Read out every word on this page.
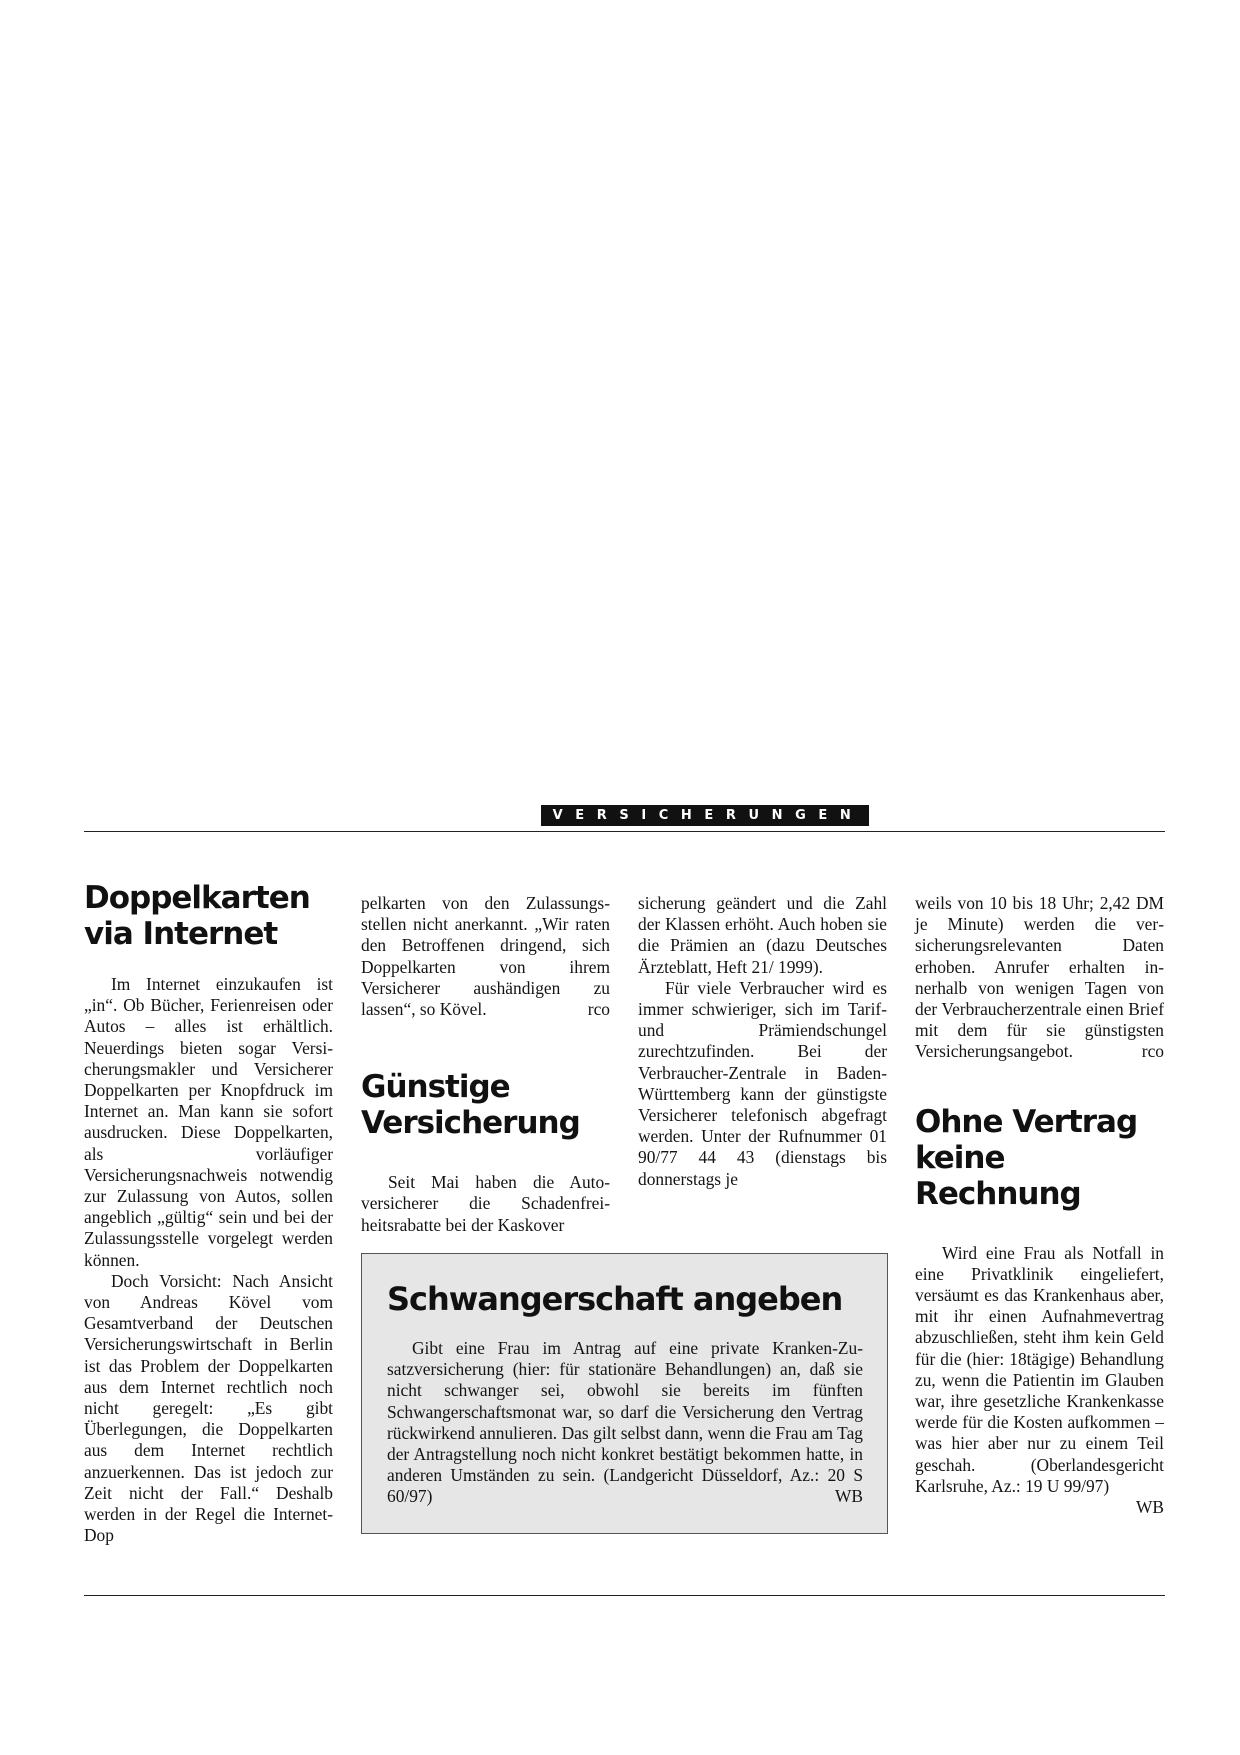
VERSICHERUNGEN
Doppelkarten via Internet

Im Internet einzukaufen ist „in“. Ob Bücher, Ferienreisen oder Autos – alles ist erhältlich. Neuerdings bieten sogar Versicherungsmakler und Versicherer Doppelkarten per Knopfdruck im Internet an. Man kann sie sofort ausdrucken. Diese Doppelkarten, als vorläufiger Versicherungsnachweis notwendig zur Zulassung von Autos, sollen angeblich „gültig“ sein und bei der Zulassungsstelle vorgelegt werden können.

Doch Vorsicht: Nach Ansicht von Andreas Kövel vom Gesamtverband der Deutschen Versicherungswirtschaft in Berlin ist das Problem der Doppelkarten aus dem Internet rechtlich noch nicht geregelt: „Es gibt Überlegungen, die Doppelkarten aus dem Internet rechtlich anzuerkennen. Das ist jedoch zur Zeit nicht der Fall.“ Deshalb werden in der Regel die Internet-Dop

pelkarten von den Zulassungsstellen nicht anerkannt. „Wir raten den Betroffenen dringend, sich Doppelkarten von ihrem Versicherer aushändigen zu lassen“, so Kövel.	rco

Günstige Versicherung

Seit Mai haben die Autoversicherer die Schadenfreiheitsrabatte bei der Kaskover

sicherung geändert und die Zahl der Klassen erhöht. Auch hoben sie die Prämien an (dazu Deutsches Ärzteblatt, Heft 21/ 1999).

Für viele Verbraucher wird es immer schwieriger, sich im Tarif- und Prämiendschungel zurechtzufinden. Bei der Verbraucher-Zentrale in Baden-Württemberg kann der günstigste Versicherer telefonisch abgefragt werden. Unter der Rufnummer 01 90/77 44 43 (dienstags bis donnerstags je

weils von 10 bis 18 Uhr; 2,42 DM je Minute) werden die versicherungsrelevanten Daten erhoben. Anrufer erhalten innerhalb von wenigen Tagen von der Verbraucherzentrale einen Brief mit dem für sie günstigsten Versicherungsangebot.	rco

Ohne Vertrag keine Rechnung

Wird eine Frau als Notfall in eine Privatklinik eingeliefert, versäumt es das Krankenhaus aber, mit ihr einen Aufnahmevertrag abzuschließen, steht ihm kein Geld für die (hier: 18tägige) Behandlung zu, wenn die Patientin im Glauben war, ihre gesetzliche Krankenkasse werde für die Kosten aufkommen – was hier aber nur zu einem Teil geschah. (Oberlandesgericht Karlsruhe, Az.: 19 U 99/97)
WB

Schwangerschaft angeben

Gibt eine Frau im Antrag auf eine private Kranken-Zusatzversicherung (hier: für stationäre Behandlungen) an, daß sie nicht schwanger sei, obwohl sie bereits im fünften Schwangerschaftsmonat war, so darf die Versicherung den Vertrag rückwirkend annulieren. Das gilt selbst dann, wenn die Frau am Tag der Antragstellung noch nicht konkret bestätigt bekommen hatte, in anderen Umständen zu sein. (Landgericht Düsseldorf, Az.: 20 S 60/97)	WB
